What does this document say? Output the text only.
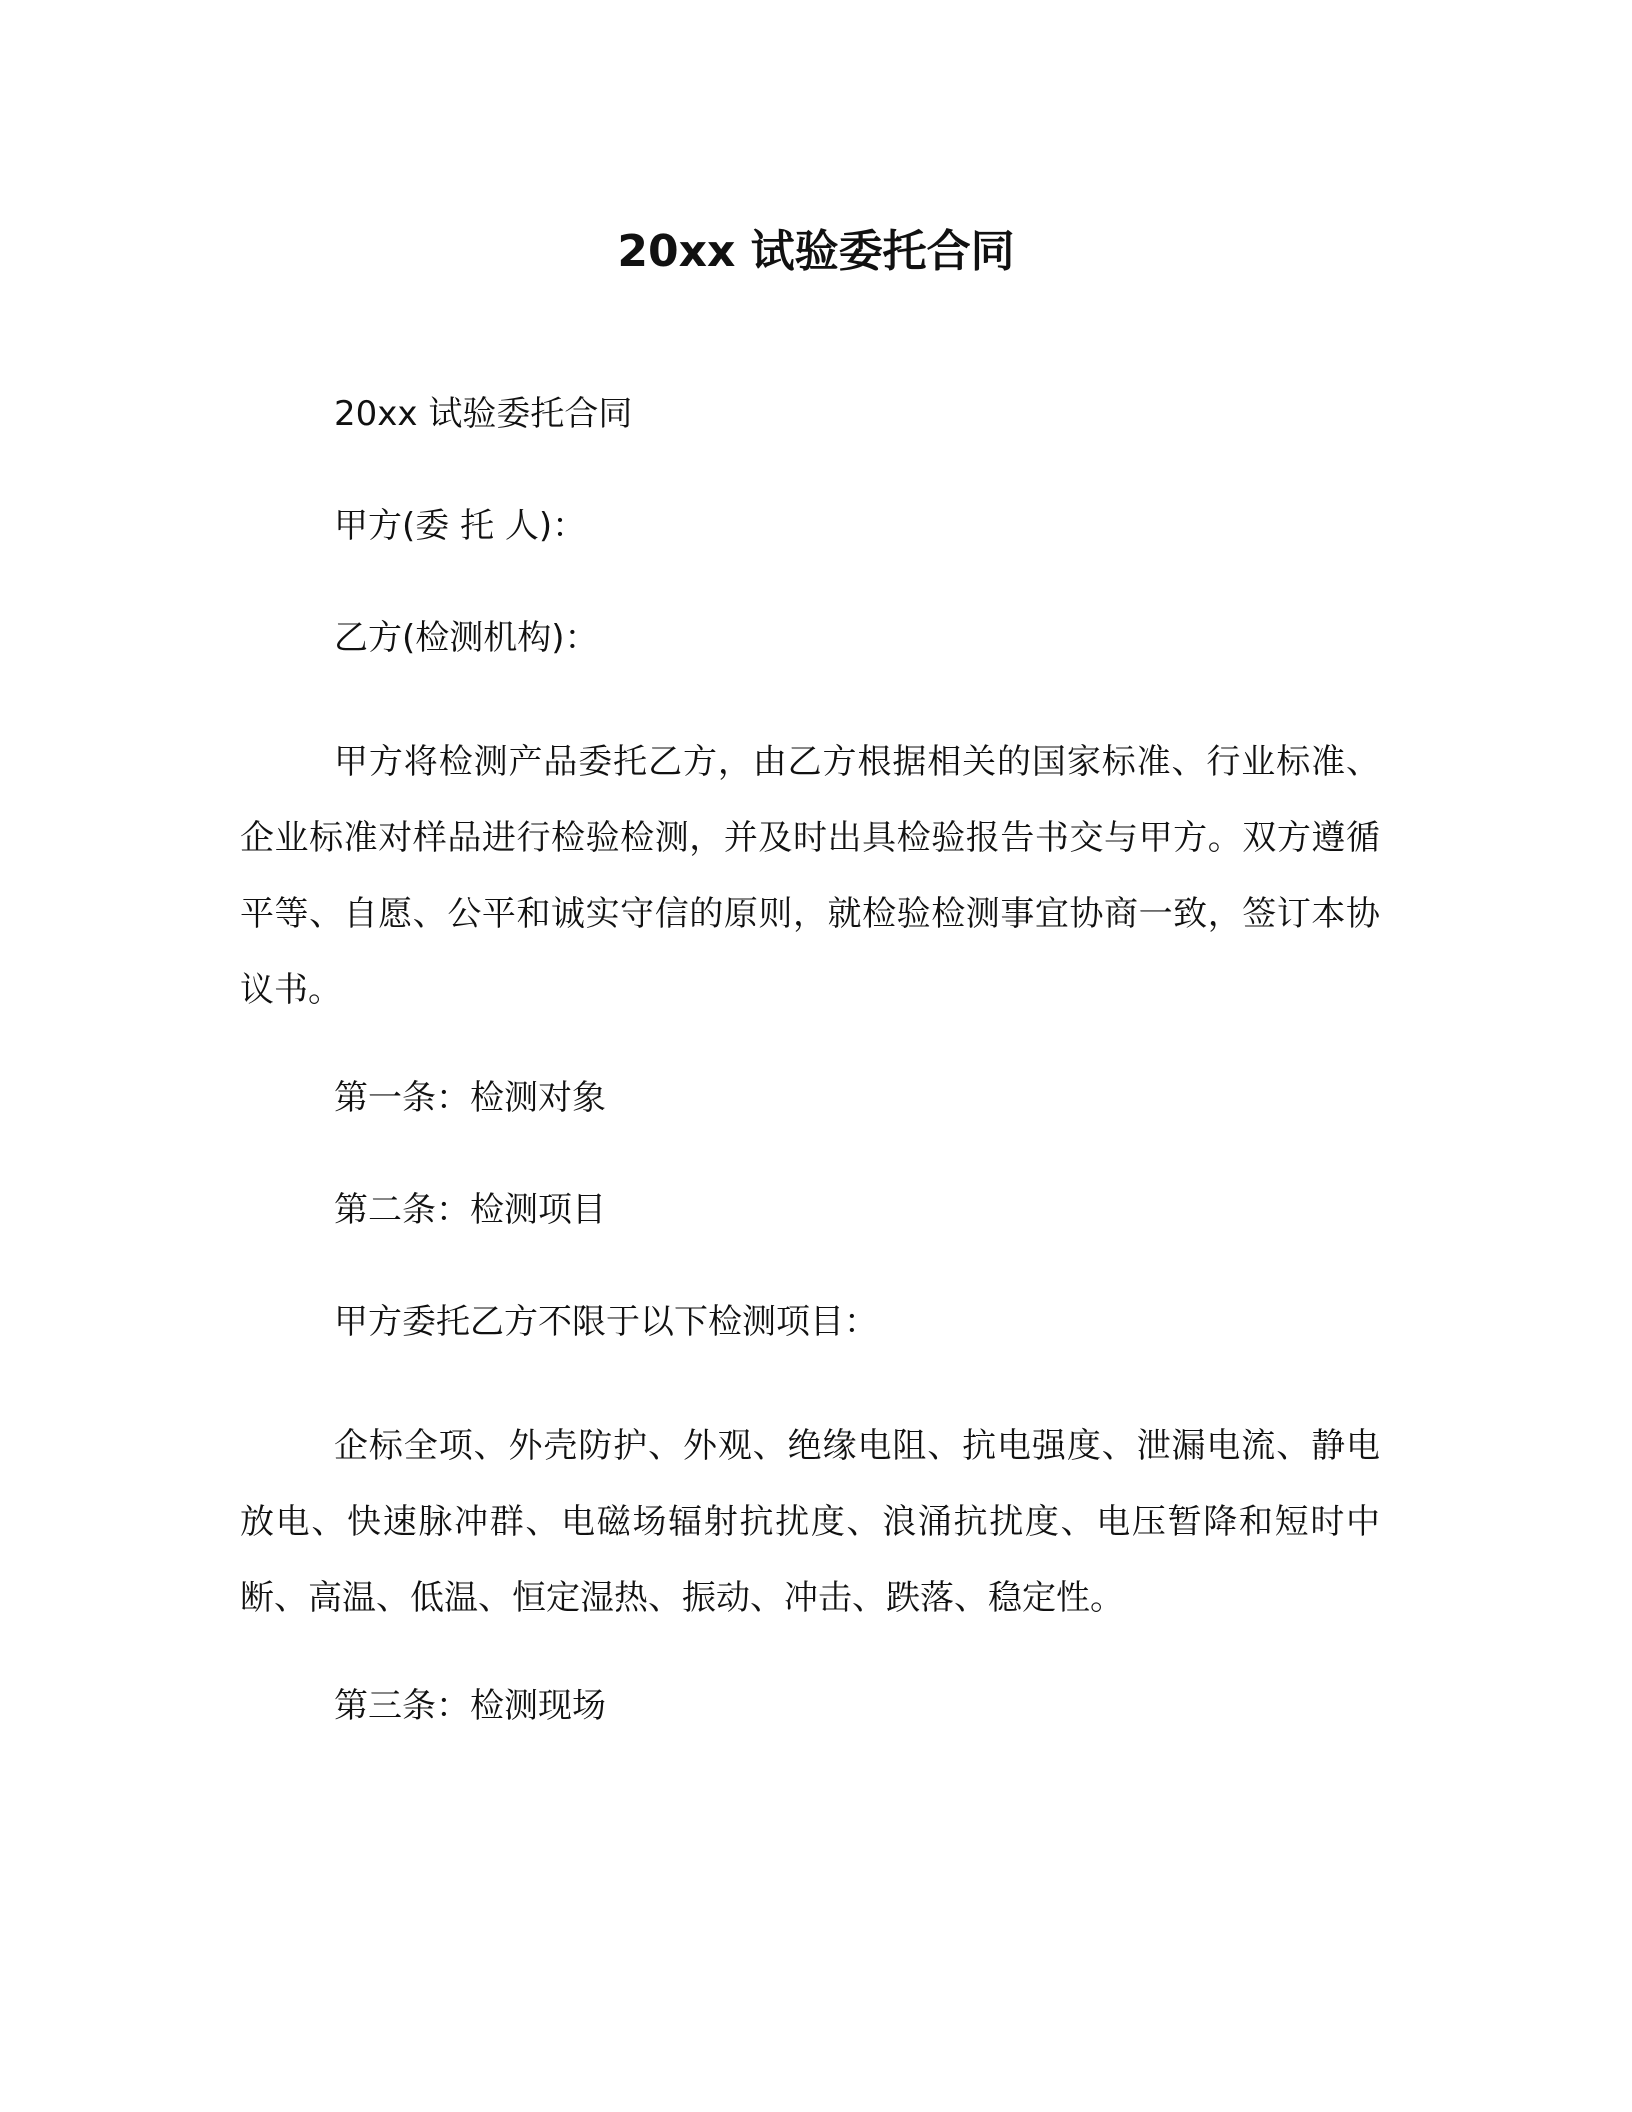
20xx 试验委托合同

20xx 试验委托合同

甲方(委 托 人)：

乙方(检测机构)：

甲方将检测产品委托乙方，由乙方根据相关的国家标准、行业标准、企业标准对样品进行检验检测，并及时出具检验报告书交与甲方。双方遵循平等、自愿、公平和诚实守信的原则，就检验检测事宜协商一致，签订本协议书。

第一条：检测对象

第二条：检测项目

甲方委托乙方不限于以下检测项目：

企标全项、外壳防护、外观、绝缘电阻、抗电强度、泄漏电流、静电放电、快速脉冲群、电磁场辐射抗扰度、浪涌抗扰度、电压暂降和短时中断、高温、低温、恒定湿热、振动、冲击、跌落、稳定性。

第三条：检测现场
